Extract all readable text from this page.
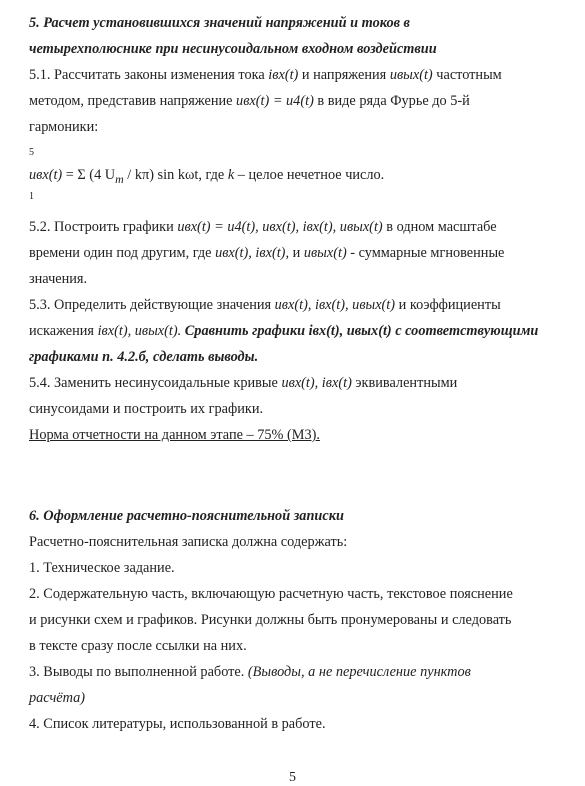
5. Расчет установившихся значений напряжений и токов в
четырехполюснике при несинусоидальном входном воздействии
5.1. Рассчитать законы изменения тока iвх(t) и напряжения uвых(t) частотным
методом, представив напряжение uвх(t) = u4(t) в виде ряда Фурье до 5-й
гармоники:
5
uвх(t) = Σ (4 $U_m / k\pi$) sin kωt, где k – целое нечетное число.
1
5.2. Построить графики uвх(t) = u4(t), uвх(t), iвх(t), uвых(t) в одном масштабе
времени один под другим, где uвх(t), iвх(t), и uвых(t) - суммарные мгновенные
значения.
5.3. Определить действующие значения uвх(t), iвх(t), uвых(t) и коэффициенты
искажения iвх(t), uвых(t). Сравнить графики iвх(t), uвых(t) с соответствующими
графиками п. 4.2.б, сделать выводы.
5.4. Заменить несинусоидальные кривые uвх(t), iвх(t) эквивалентными
синусоидами и построить их графики.
Норма отчетности на данном этапе – 75% (М3).
6. Оформление расчетно-пояснительной записки
Расчетно-пояснительная записка должна содержать:
1. Техническое задание.
2. Содержательную часть, включающую расчетную часть, текстовое пояснение
и рисунки схем и графиков. Рисунки должны быть пронумерованы и следовать
в тексте сразу после ссылки на них.
3. Выводы по выполненной работе. (Выводы, а не перечисление пунктов
расчёта)
4. Список литературы, использованной в работе.
5
